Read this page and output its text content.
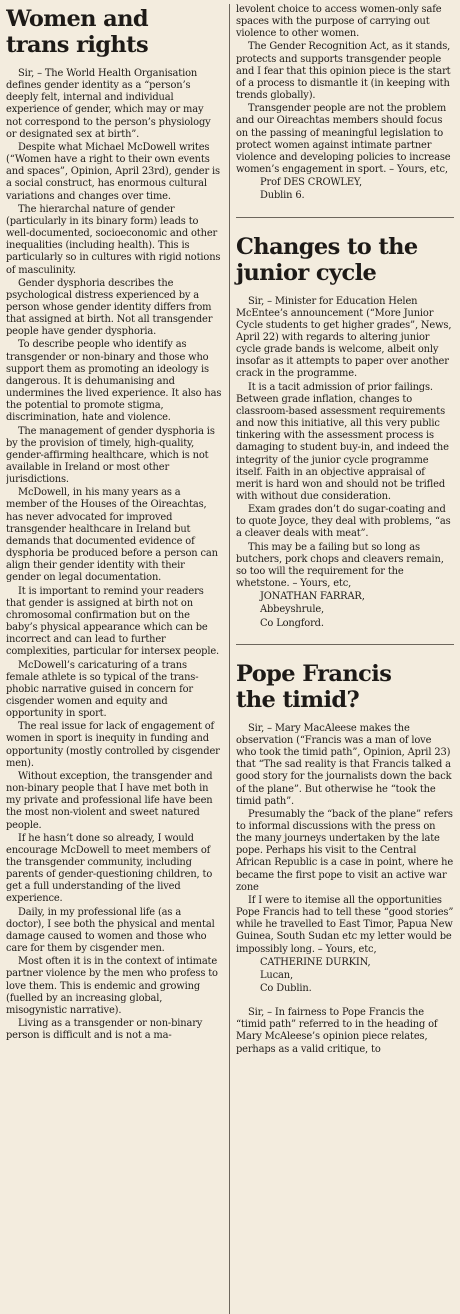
Women and
trans rights

Sir, – The World Health Organisation defines gender identity as a “person’s deeply felt, internal and individual experience of gender, which may or may not correspond to the person’s physiology or designated sex at birth”.

Despite what Michael McDowell writes (“Women have a right to their own events and spaces”, Opinion, April 23rd), gender is a social construct, has enormous cultural variations and changes over time.

The hierarchal nature of gender (particularly in its binary form) leads to well-documented, socioeconomic and other inequalities (including health). This is particularly so in cultures with rigid notions of masculinity.

Gender dysphoria describes the psychological distress experienced by a person whose gender identity differs from that assigned at birth. Not all transgender people have gender dysphoria.

To describe people who identify as transgender or non-binary and those who support them as promoting an ideology is dangerous. It is dehumanising and undermines the lived experience. It also has the potential to promote stigma, discrimination, hate and violence.

The management of gender dysphoria is by the provision of timely, high-quality, gender-affirming healthcare, which is not available in Ireland or most other jurisdictions.

McDowell, in his many years as a member of the Houses of the Oireachtas, has never advocated for improved transgender healthcare in Ireland but demands that documented evidence of dysphoria be produced before a person can align their gender identity with their gender on legal documentation.

It is important to remind your readers that gender is assigned at birth not on chromosomal confirmation but on the baby’s physical appearance which can be incorrect and can lead to further complexities, particular for intersex people.

McDowell’s caricaturing of a trans female athlete is so typical of the trans-phobic narrative guised in concern for cisgender women and equity and opportunity in sport.

The real issue for lack of engagement of women in sport is inequity in funding and opportunity (mostly controlled by cisgender men).

Without exception, the transgender and non-binary people that I have met both in my private and professional life have been the most non-violent and sweet natured people.

If he hasn’t done so already, I would encourage McDowell to meet members of the transgender community, including parents of gender-questioning children, to get a full understanding of the lived experience.

Daily, in my professional life (as a doctor), I see both the physical and mental damage caused to women and those who care for them by cisgender men.

Most often it is in the context of intimate partner violence by the men who profess to love them. This is endemic and growing (fuelled by an increasing global, misogynistic narrative).

Living as a transgender or non-binary person is difficult and is not a ma-

levolent choice to access women-only safe spaces with the purpose of carrying out violence to other women.

The Gender Recognition Act, as it stands, protects and supports transgender people and I fear that this opinion piece is the start of a process to dismantle it (in keeping with trends globally).

Transgender people are not the problem and our Oireachtas members should focus on the passing of meaningful legislation to protect women against intimate partner violence and developing policies to increase women’s engagement in sport. – Yours, etc,

Prof DES CROWLEY,

Dublin 6.

Changes to the
junior cycle

Sir, – Minister for Education Helen McEntee’s announcement (“More Junior Cycle students to get higher grades”, News, April 22) with regards to altering junior cycle grade bands is welcome, albeit only insofar as it attempts to paper over another crack in the programme.

It is a tacit admission of prior failings. Between grade inflation, changes to classroom-based assessment requirements and now this initiative, all this very public tinkering with the assessment process is damaging to student buy-in, and indeed the integrity of the junior cycle programme itself. Faith in an objective appraisal of merit is hard won and should not be trifled with without due consideration.

Exam grades don’t do sugar-coating and to quote Joyce, they deal with problems, “as a cleaver deals with meat”.

This may be a failing but so long as butchers, pork chops and cleavers remain, so too will the requirement for the whetstone. – Yours, etc,

JONATHAN FARRAR,

Abbeyshrule,

Co Longford.

Pope Francis
the timid?

Sir, – Mary MacAleese makes the observation (“Francis was a man of love who took the timid path”, Opinion, April 23) that “The sad reality is that Francis talked a good story for the journalists down the back of the plane”. But otherwise he “took the timid path”.

Presumably the “back of the plane” refers to informal discussions with the press on the many journeys undertaken by the late pope. Perhaps his visit to the Central African Republic is a case in point, where he became the first pope to visit an active war zone

If I were to itemise all the opportunities Pope Francis had to tell these “good stories” while he travelled to East Timor, Papua New Guinea, South Sudan etc my letter would be impossibly long. – Yours, etc,

CATHERINE DURKIN,

Lucan,

Co Dublin.

Sir, – In fairness to Pope Francis the “timid path” referred to in the heading of Mary McAleese’s opinion piece relates, perhaps as a valid critique, to
